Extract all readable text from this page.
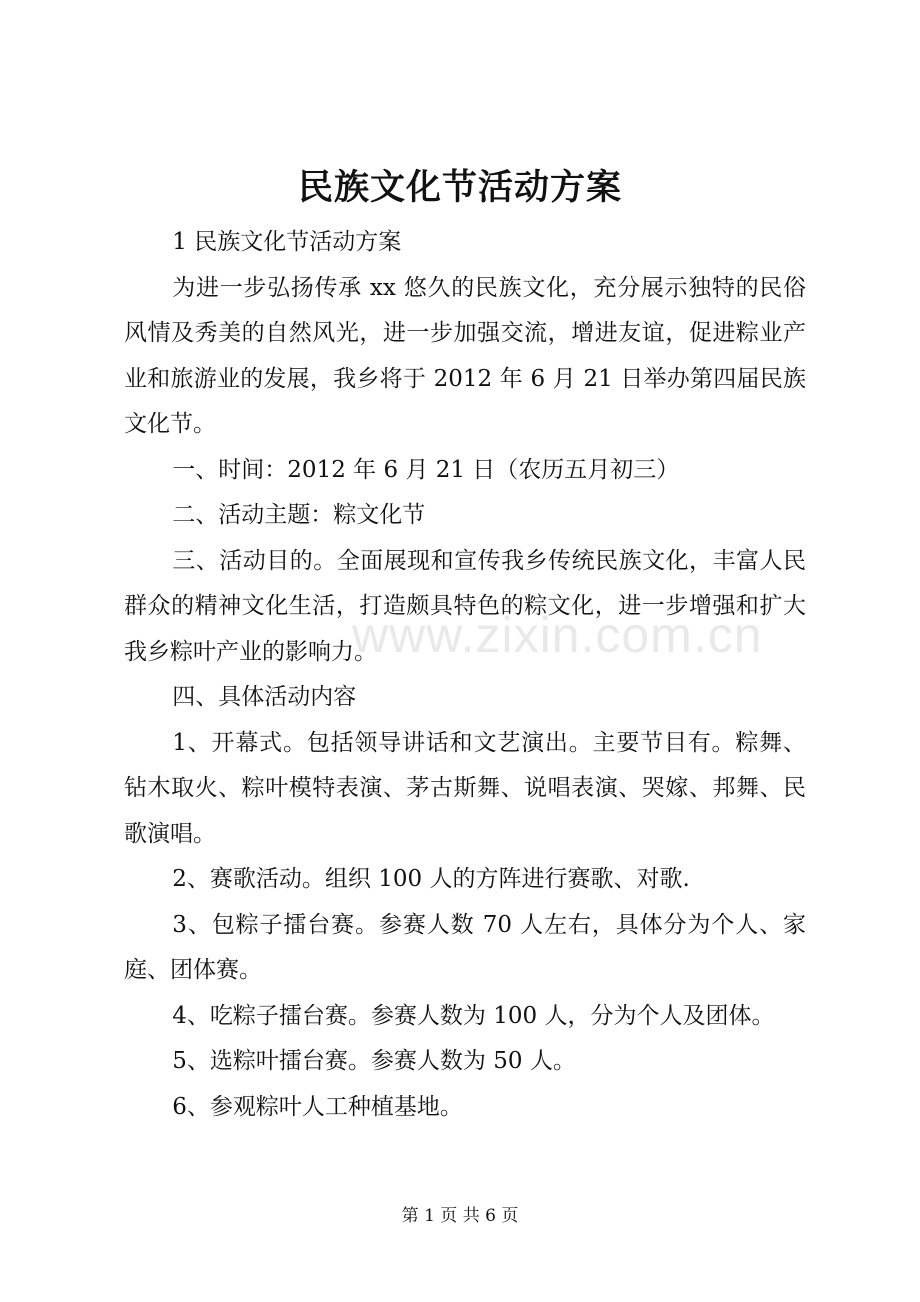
www.zixin.com.cn
民族文化节活动方案

1 民族文化节活动方案

为进一步弘扬传承 xx 悠久的民族文化，充分展示独特的民俗风情及秀美的自然风光，进一步加强交流，增进友谊，促进粽业产业和旅游业的发展，我乡将于 2012 年 6 月 21 日举办第四届民族文化节。

一、时间：2012 年 6 月 21 日（农历五月初三）

二、活动主题：粽文化节

三、活动目的。全面展现和宣传我乡传统民族文化，丰富人民群众的精神文化生活，打造颇具特色的粽文化，进一步增强和扩大我乡粽叶产业的影响力。

四、具体活动内容

1、开幕式。包括领导讲话和文艺演出。主要节目有。粽舞、钻木取火、粽叶模特表演、茅古斯舞、说唱表演、哭嫁、邦舞、民歌演唱。

2、赛歌活动。组织 100 人的方阵进行赛歌、对歌.

3、包粽子擂台赛。参赛人数 70 人左右，具体分为个人、家庭、团体赛。

4、吃粽子擂台赛。参赛人数为 100 人，分为个人及团体。

5、选粽叶擂台赛。参赛人数为 50 人。

6、参观粽叶人工种植基地。

第 1 页 共 6 页
